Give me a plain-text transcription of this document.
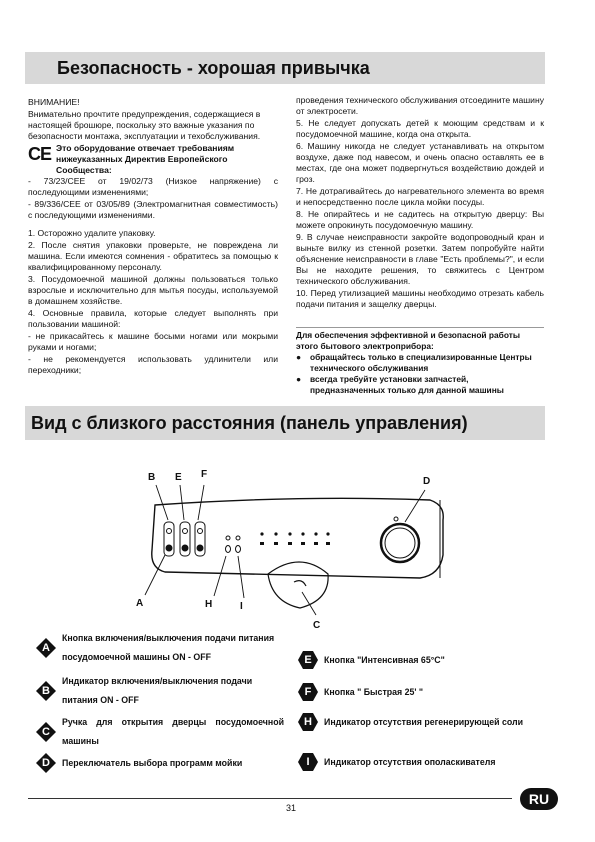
Безопасность - хорошая привычка

ВНИМАНИЕ!

Внимательно прочтите предупреждения, содержащиеся в настоящей брошюре, поскольку это важные указания по безопасности монтажа, эксплуатации и техобслуживания.

CE Это оборудование отвечает требованиям нижеуказанных Директив Европейского Сообщества:

- 73/23/CEE от 19/02/73 (Низкое напряжение) с последующими изменениями;

- 89/336/CEE от 03/05/89 (Электромагнитная совместимость) с последующими изменениями.

1. Осторожно удалите упаковку.

2. После снятия упаковки проверьте, не повреждена ли машина. Если имеются сомнения - обратитесь за помощью к квалифицированному персоналу.

3. Посудомоечной машиной должны пользоваться только взрослые и исключительно для мытья посуды, используемой в домашнем хозяйстве.

4. Основные правила, которые следует выполнять при пользовании машиной:

- не прикасайтесь к машине босыми ногами или мокрыми руками и ногами;

- не рекомендуется использовать удлинители или переходники;

проведения технического обслуживания отсоедините машину от электросети.

5. Не следует допускать детей к моющим средствам и к посудомоечной машине, когда она открыта.

6. Машину никогда не следует устанавливать на открытом воздухе, даже под навесом, и очень опасно оставлять ее в местах, где она может подвергнуться воздействию дождей и гроз.

7. Не дотрагивайтесь до нагревательного элемента во время и непосредственно после цикла мойки посуды.

8. Не опирайтесь и не садитесь на открытую дверцу: Вы можете опрокинуть посудомоечную машину.

9. В случае неисправности закройте водопроводный кран и выньте вилку из стенной розетки. Затем попробуйте найти объяснение неисправности в главе "Есть проблемы?", и если Вы не находите решения, то свяжитесь с Центром технического обслуживания.

10. Перед утилизацией машины необходимо отрезать кабель подачи питания и защелку дверцы.

Для обеспечения эффективной и безопасной работы этого бытового электроприбора:
●	обращайтесь только в специализированные Центры технического обслуживания
●	всегда требуйте установки запчастей, предназначенных только для данной машины
Вид с близкого расстояния (панель управления)
B E F
D
A	H	I
C
A
Кнопка включения/выключения подачи питания посудомоечной машины ON - OFF
B
Индикатор включения/выключения подачи питания ON - OFF
C
Ручка для открытия дверцы посудомоечной машины
D	Переключатель выбора программ мойки
E	Кнопка "Интенсивная 65°C"
F	Кнопка " Быстрая 25' "
H	Индикатор отсутствия регенерирующей соли
I	Индикатор отсутствия ополаскивателя
31
RU
